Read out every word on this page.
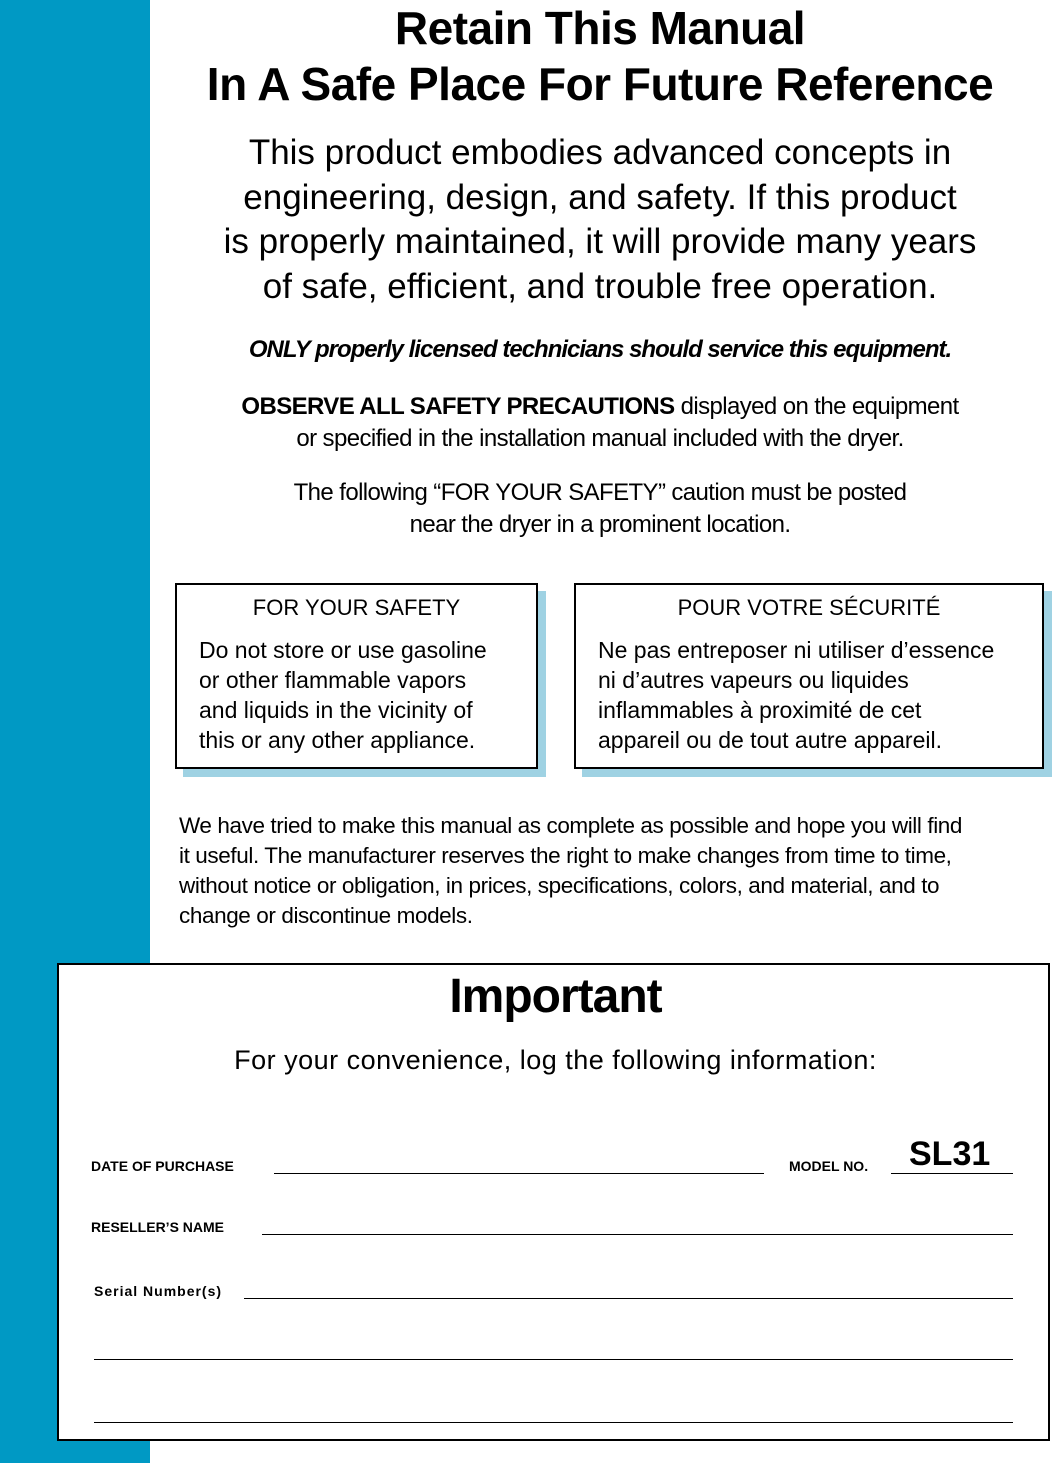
Retain This Manual
In A Safe Place For Future Reference
This product embodies advanced concepts in
engineering, design, and safety. If this product
is properly maintained, it will provide many years
of safe, efficient, and trouble free operation.
ONLY properly licensed technicians should service this equipment.
OBSERVE ALL SAFETY PRECAUTIONS displayed on the equipment
or specified in the installation manual included with the dryer.
The following “FOR YOUR SAFETY” caution must be posted
near the dryer in a prominent location.
FOR YOUR SAFETY
Do not store or use gasoline
or other flammable vapors
and liquids in the vicinity of
this or any other appliance.
POUR VOTRE SÉCURITÉ
Ne pas entreposer ni utiliser d’essence
ni d’autres vapeurs ou liquides
inflammables à proximité de cet
appareil ou de tout autre appareil.
We have tried to make this manual as complete as possible and hope you will find
it useful. The manufacturer reserves the right to make changes from time to time,
without notice or obligation, in prices, specifications, colors, and material, and to
change or discontinue models.
Important
For your convenience, log the following information:
DATE OF PURCHASE	MODEL NO. SL31
RESELLER’S NAME
Serial Number(s)
